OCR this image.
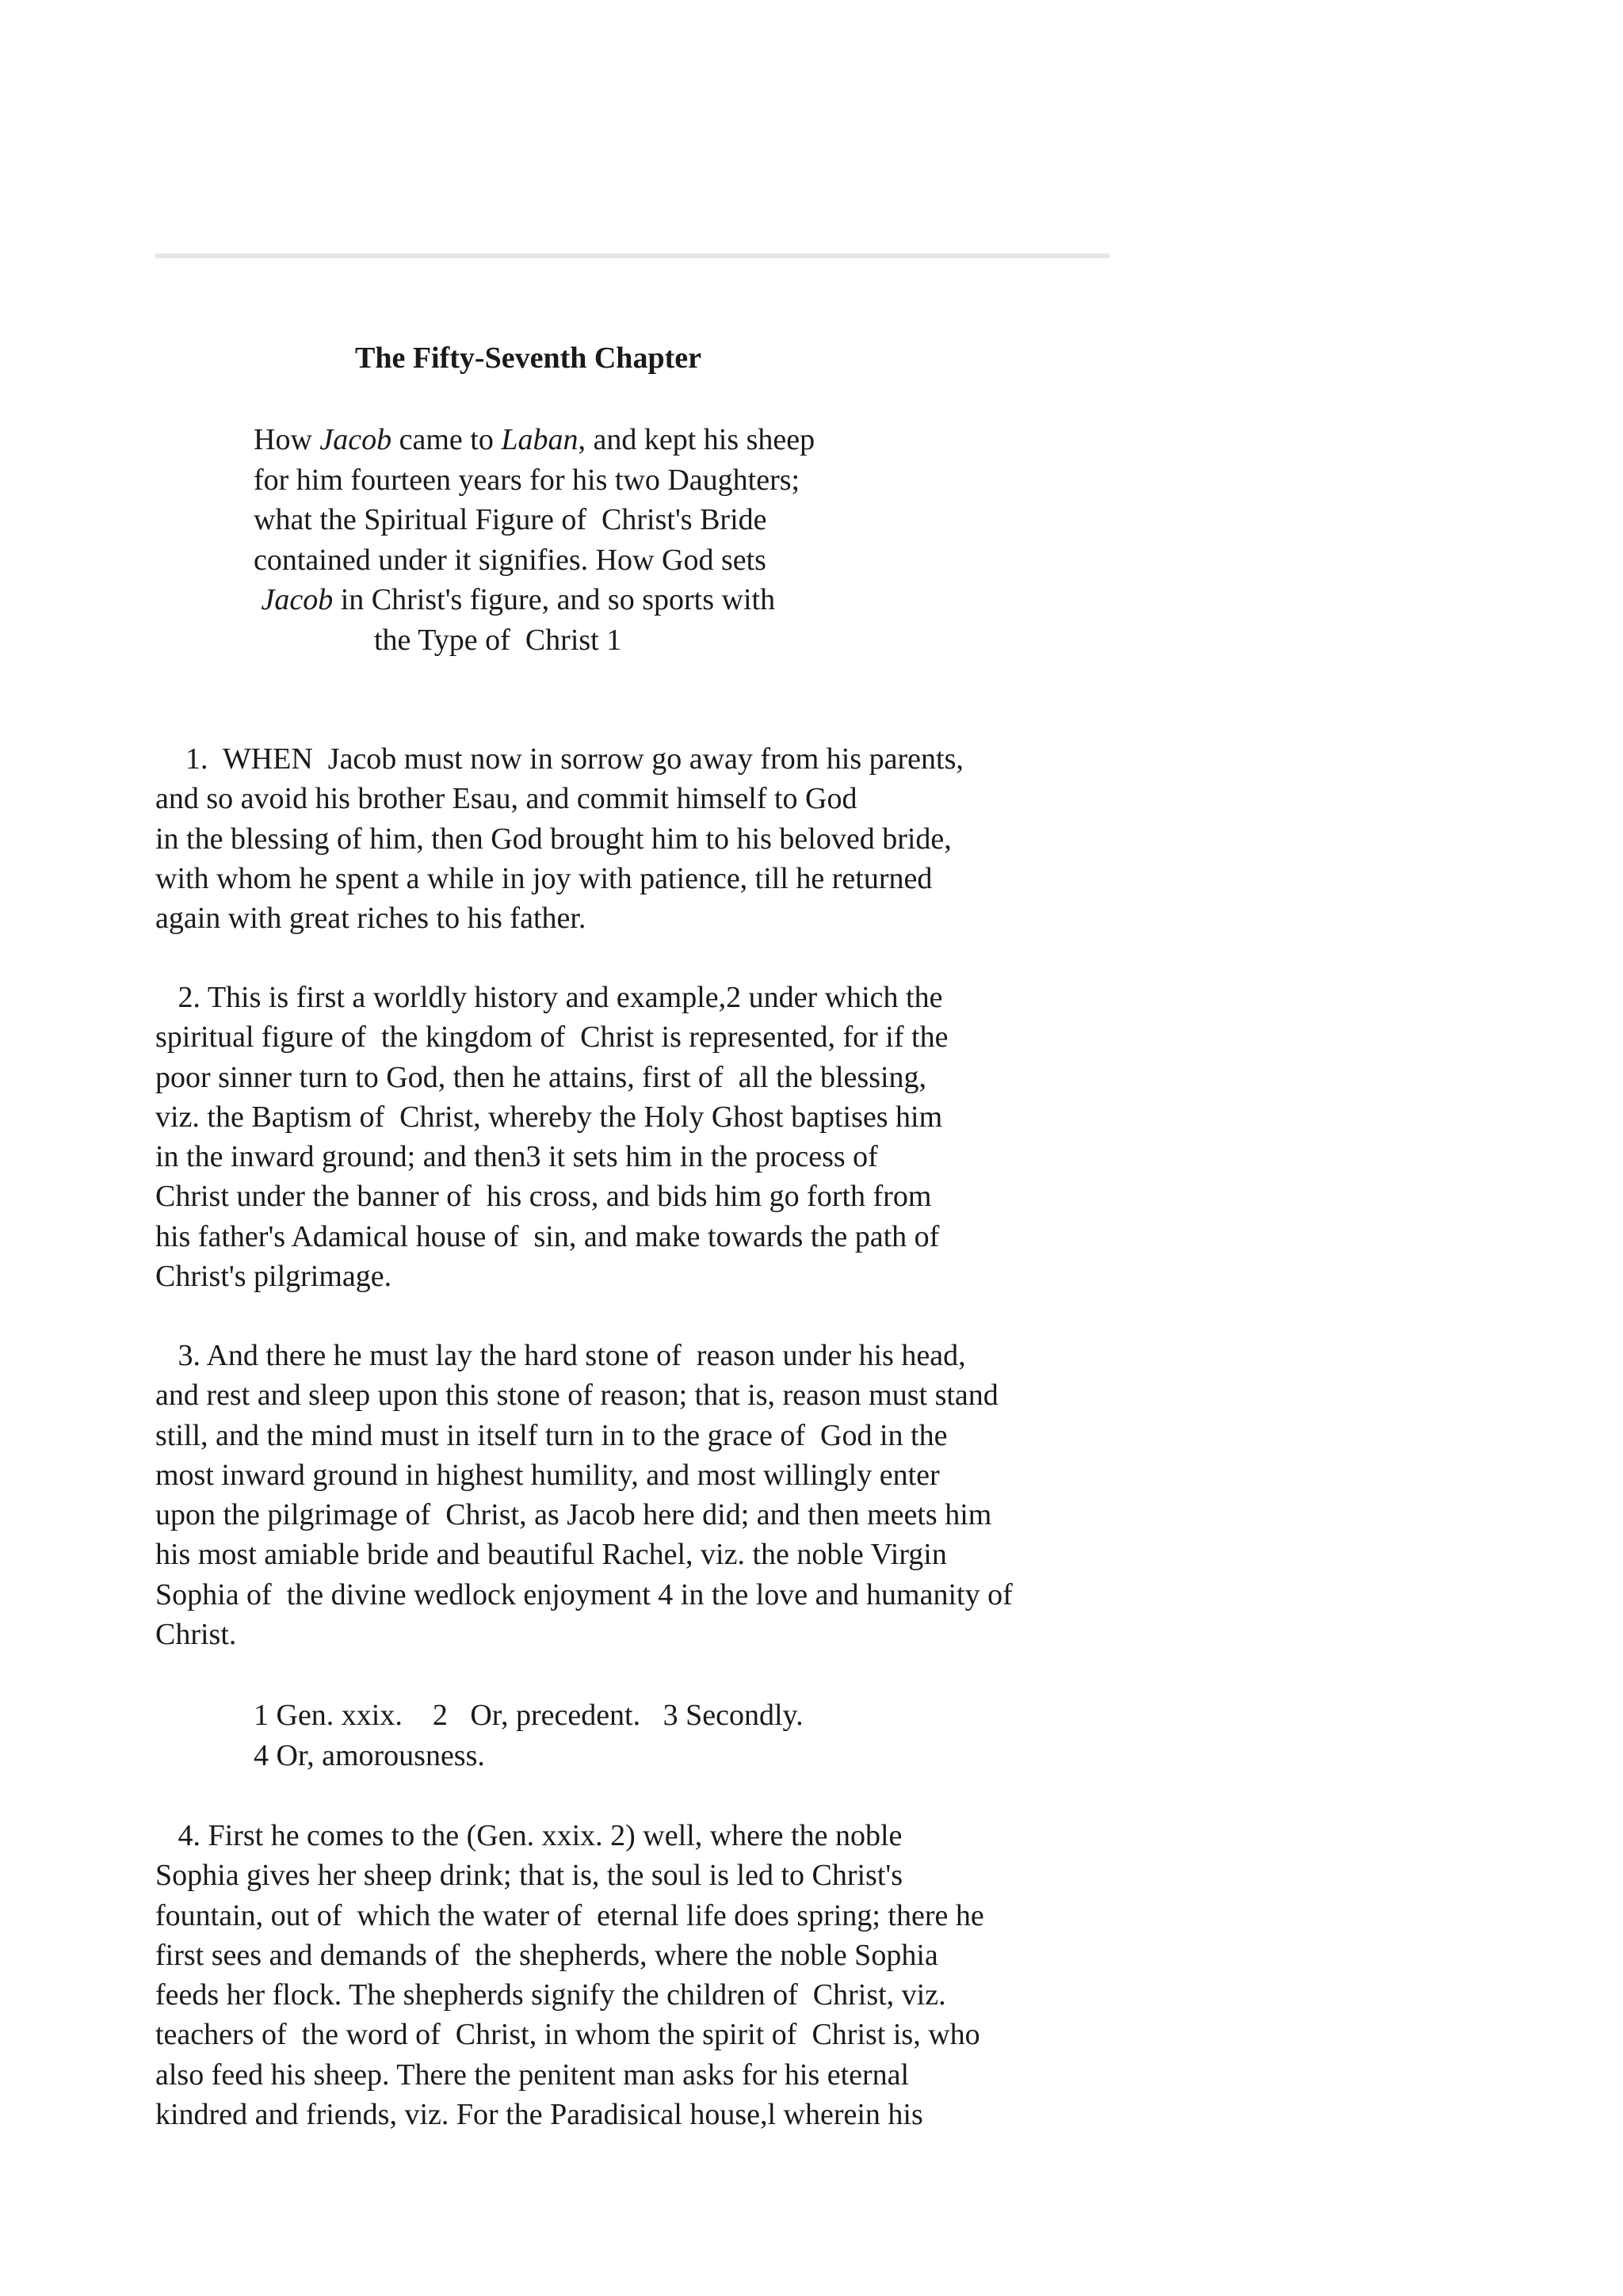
The Fifty-Seventh Chapter
How Jacob came to Laban, and kept his sheep
for him fourteen years for his two Daughters;
what the Spiritual Figure of  Christ's Bride
contained under it signifies. How God sets
Jacob in Christ's figure, and so sports with
the Type of  Christ 1
1.  WHEN  Jacob must now in sorrow go away from his parents,
and so avoid his brother Esau, and commit himself to God
in the blessing of him, then God brought him to his beloved bride,
with whom he spent a while in joy with patience, till he returned
again with great riches to his father.
2. This is first a worldly history and example,2 under which the
spiritual figure of  the kingdom of  Christ is represented, for if the
poor sinner turn to God, then he attains, first of  all the blessing,
viz. the Baptism of  Christ, whereby the Holy Ghost baptises him
in the inward ground; and then3 it sets him in the process of
Christ under the banner of  his cross, and bids him go forth from
his father's Adamical house of  sin, and make towards the path of
Christ's pilgrimage.
3. And there he must lay the hard stone of  reason under his head,
and rest and sleep upon this stone of reason; that is, reason must stand
still, and the mind must in itself turn in to the grace of  God in the
most inward ground in highest humility, and most willingly enter
upon the pilgrimage of  Christ, as Jacob here did; and then meets him
his most amiable bride and beautiful Rachel, viz. the noble Virgin
Sophia of  the divine wedlock enjoyment 4 in the love and humanity of
Christ.
1 Gen. xxix.    2   Or, precedent.   3 Secondly.
4 Or, amorousness.
4. First he comes to the (Gen. xxix. 2) well, where the noble
Sophia gives her sheep drink; that is, the soul is led to Christ's
fountain, out of  which the water of  eternal life does spring; there he
first sees and demands of  the shepherds, where the noble Sophia
feeds her flock. The shepherds signify the children of  Christ, viz.
teachers of  the word of  Christ, in whom the spirit of  Christ is, who
also feed his sheep. There the penitent man asks for his eternal
kindred and friends, viz. For the Paradisical house,l wherein his
